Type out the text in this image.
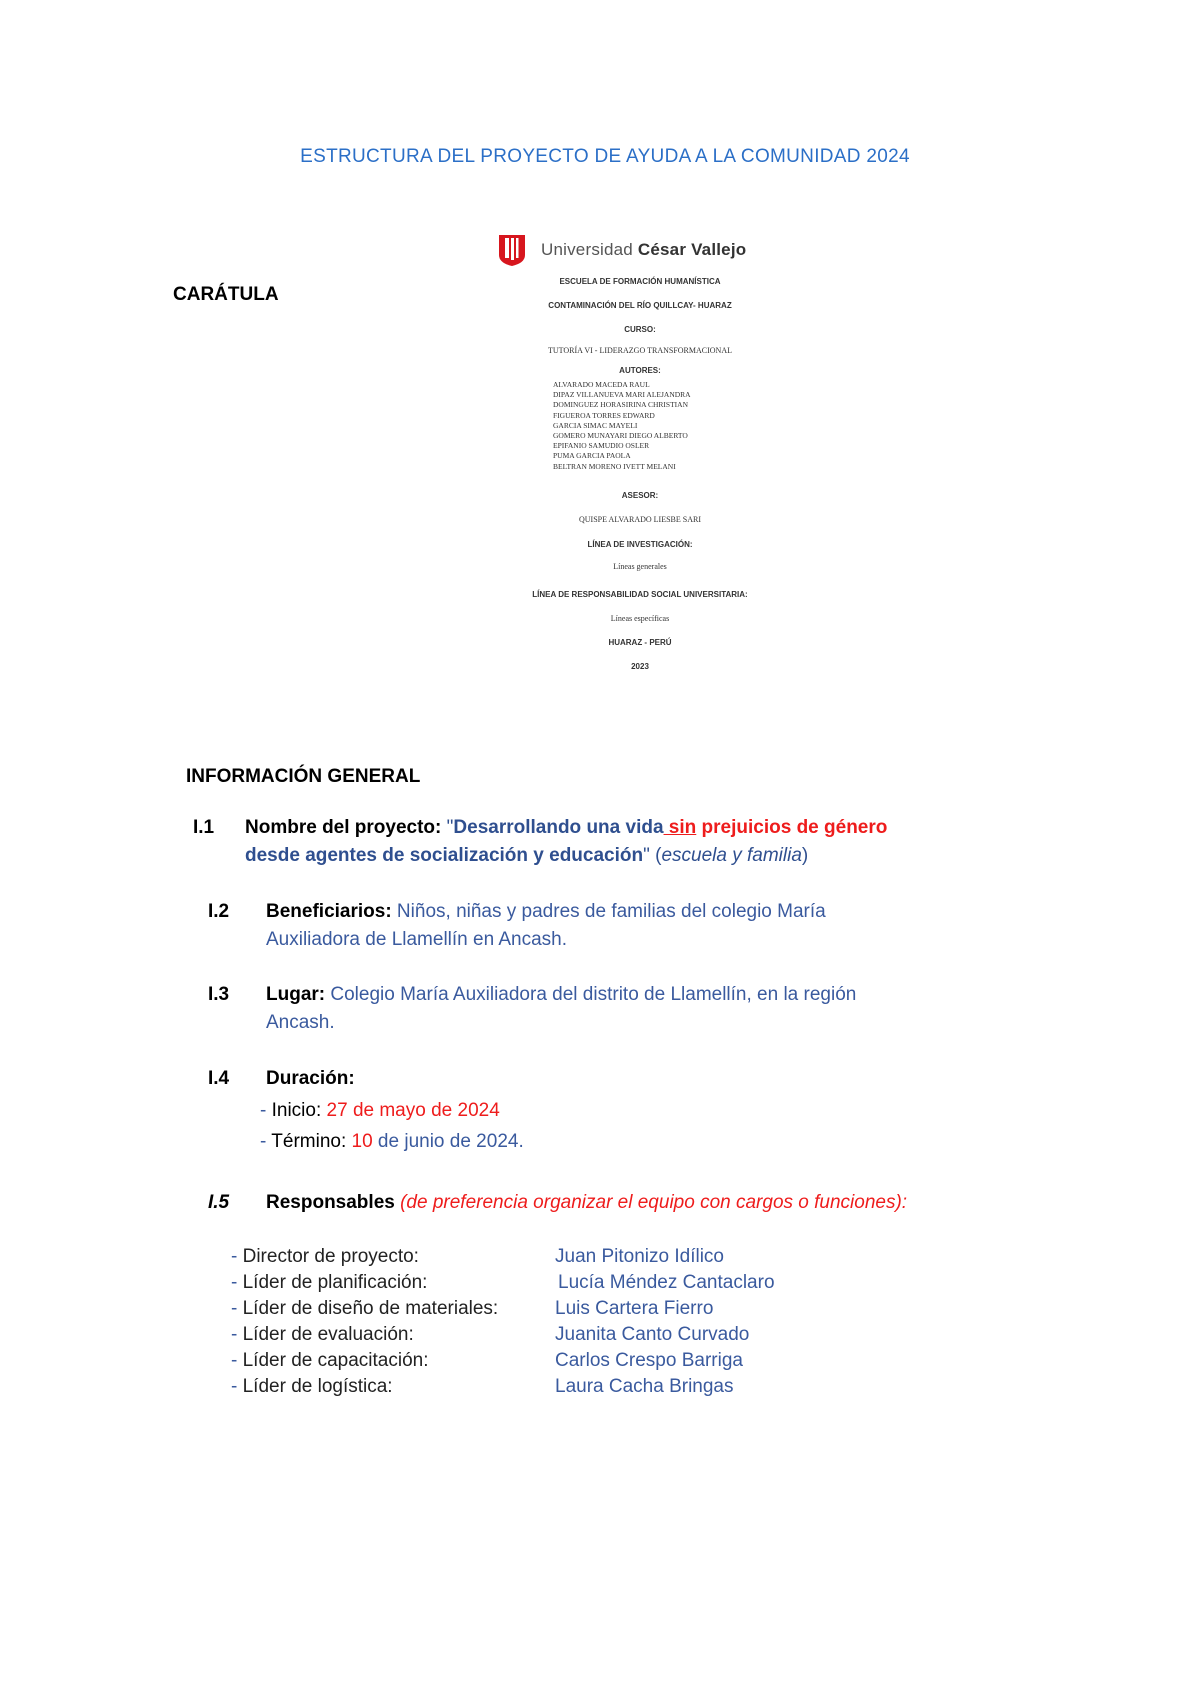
ESTRUCTURA DEL PROYECTO DE AYUDA A LA COMUNIDAD 2024
CARÁTULA
Universidad César Vallejo
ESCUELA DE FORMACIÓN HUMANÍSTICA
CONTAMINACIÓN DEL RÍO QUILLCAY- HUARAZ
CURSO:
TUTORÍA VI - LIDERAZGO TRANSFORMACIONAL
AUTORES:
ALVARADO MACEDA RAUL
DIPAZ VILLANUEVA MARI ALEJANDRA
DOMINGUEZ HORASIRINA CHRISTIAN
FIGUEROA TORRES EDWARD
GARCIA SIMAC MAYELI
GOMERO MUNAYARI DIEGO ALBERTO
EPIFANIO SAMUDIO OSLER
PUMA GARCIA PAOLA
BELTRAN MORENO IVETT MELANI
ASESOR:
QUISPE ALVARADO LIESBE SARI
LÍNEA DE INVESTIGACIÓN:
Líneas generales
LÍNEA DE RESPONSABILIDAD SOCIAL UNIVERSITARIA:
Líneas específicas
HUARAZ - PERÚ
2023
INFORMACIÓN GENERAL
I.1 Nombre del proyecto: "Desarrollando una vida sin prejuicios de género
desde agentes de socialización y educación" (escuela y familia)
I.2 Beneficiarios: Niños, niñas y padres de familias del colegio María
Auxiliadora de Llamellín en Ancash.
I.3 Lugar: Colegio María Auxiliadora del distrito de Llamellín, en la región
Ancash.
I.4 Duración:
- Inicio: 27 de mayo de 2024
- Término: 10 de junio de 2024.
I.5 Responsables (de preferencia organizar el equipo con cargos o funciones):
- Director de proyecto:	Juan Pitonizo Idílico
- Líder de planificación:	Lucía Méndez Cantaclaro
- Líder de diseño de materiales:	Luis Cartera Fierro
- Líder de evaluación:	Juanita Canto Curvado
- Líder de capacitación:	Carlos Crespo Barriga
- Líder de logística:	Laura Cacha Bringas
